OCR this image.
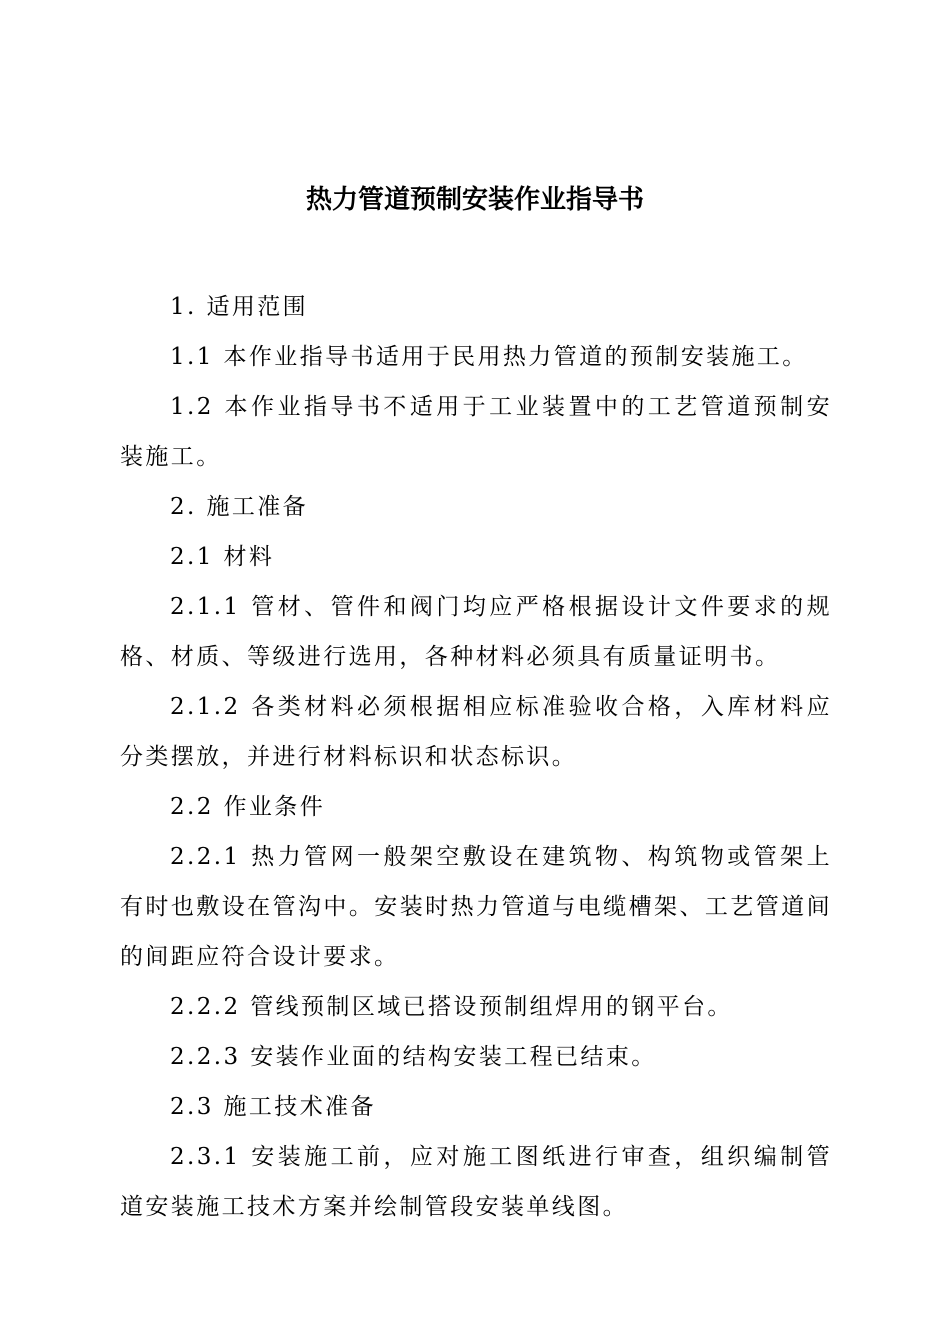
热力管道预制安装作业指导书

1. 适用范围

1.1 本作业指导书适用于民用热力管道的预制安装施工。

1.2 本作业指导书不适用于工业装置中的工艺管道预制安装施工。

2. 施工准备

2.1 材料

2.1.1 管材、管件和阀门均应严格根据设计文件要求的规格、材质、等级进行选用，各种材料必须具有质量证明书。

2.1.2 各类材料必须根据相应标准验收合格，入库材料应分类摆放，并进行材料标识和状态标识。

2.2 作业条件

2.2.1 热力管网一般架空敷设在建筑物、构筑物或管架上有时也敷设在管沟中。安装时热力管道与电缆槽架、工艺管道间的间距应符合设计要求。

2.2.2 管线预制区域已搭设预制组焊用的钢平台。

2.2.3 安装作业面的结构安装工程已结束。

2.3 施工技术准备

2.3.1 安装施工前，应对施工图纸进行审查，组织编制管道安装施工技术方案并绘制管段安装单线图。
